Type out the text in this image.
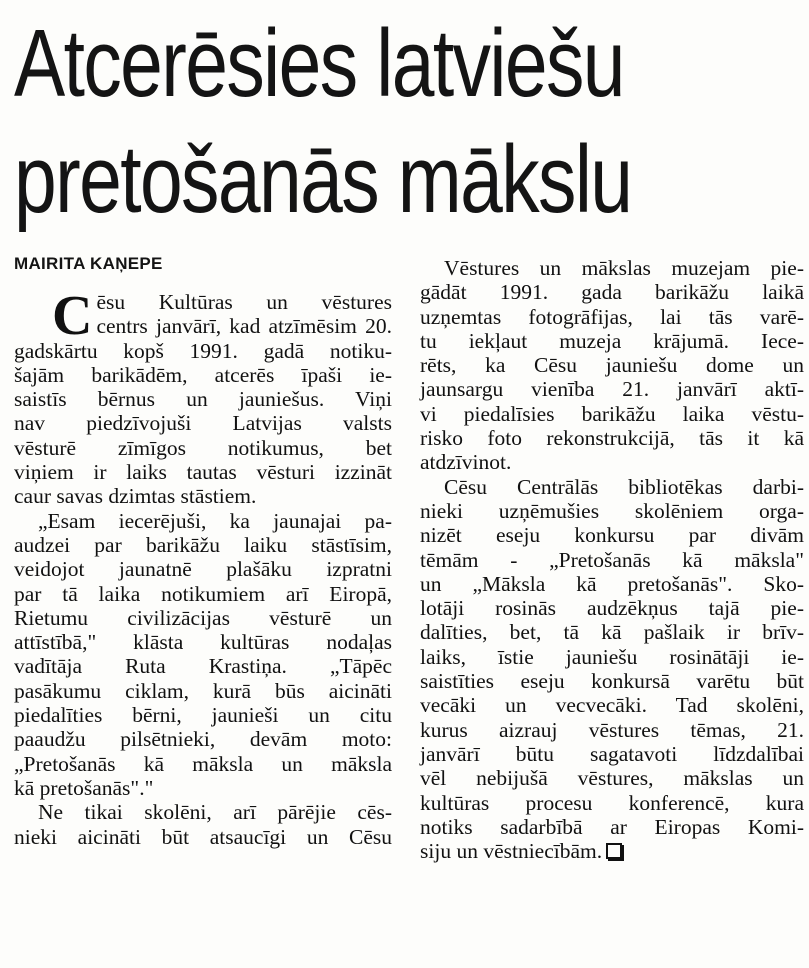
Atcerēsies latviešu
pretošanās mākslu
MAIRITA KAŅEPE
C ēsu Kultūras un vēstures
centrs janvārī, kad atzīmēsim 20.
gadskārtu kopš 1991. gadā notiku-
šajām barikādēm, atcerēs īpaši ie-
saistīs bērnus un jauniešus. Viņi
nav piedzīvojuši Latvijas valsts
vēsturē zīmīgos notikumus, bet
viņiem ir laiks tautas vēsturi izzināt
caur savas dzimtas stāstiem.
„Esam iecerējuši, ka jaunajai pa-
audzei par barikāžu laiku stāstīsim,
veidojot jaunatnē plašāku izpratni
par tā laika notikumiem arī Eiropā,
Rietumu civilizācijas vēsturē un
attīstībā," klāsta kultūras nodaļas
vadītāja Ruta Krastiņa. „Tāpēc
pasākumu ciklam, kurā būs aicināti
piedalīties bērni, jaunieši un citu
paaudžu pilsētnieki, devām moto:
„Pretošanās kā māksla un māksla
kā pretošanās"."
Ne tikai skolēni, arī pārējie cēs-
nieki aicināti būt atsaucīgi un Cēsu
Vēstures un mākslas muzejam pie-
gādāt 1991. gada barikāžu laikā
uzņemtas fotogrāfijas, lai tās varē-
tu iekļaut muzeja krājumā. Iece-
rēts, ka Cēsu jauniešu dome un
jaunsargu vienība 21. janvārī aktī-
vi piedalīsies barikāžu laika vēstu-
risko foto rekonstrukcijā, tās it kā
atdzīvinot.
Cēsu Centrālās bibliotēkas darbi-
nieki uzņēmušies skolēniem orga-
nizēt eseju konkursu par divām
tēmām - „Pretošanās kā māksla"
un „Māksla kā pretošanās". Sko-
lotāji rosinās audzēkņus tajā pie-
dalīties, bet, tā kā pašlaik ir brīv-
laiks, īstie jauniešu rosinātāji ie-
saistīties eseju konkursā varētu būt
vecāki un vecvecāki. Tad skolēni,
kurus aizrauj vēstures tēmas, 21.
janvārī būtu sagatavoti līdzdalībai
vēl nebijušā vēstures, mākslas un
kultūras procesu konferencē, kura
notiks sadarbībā ar Eiropas Komi-
siju un vēstniecībām.
